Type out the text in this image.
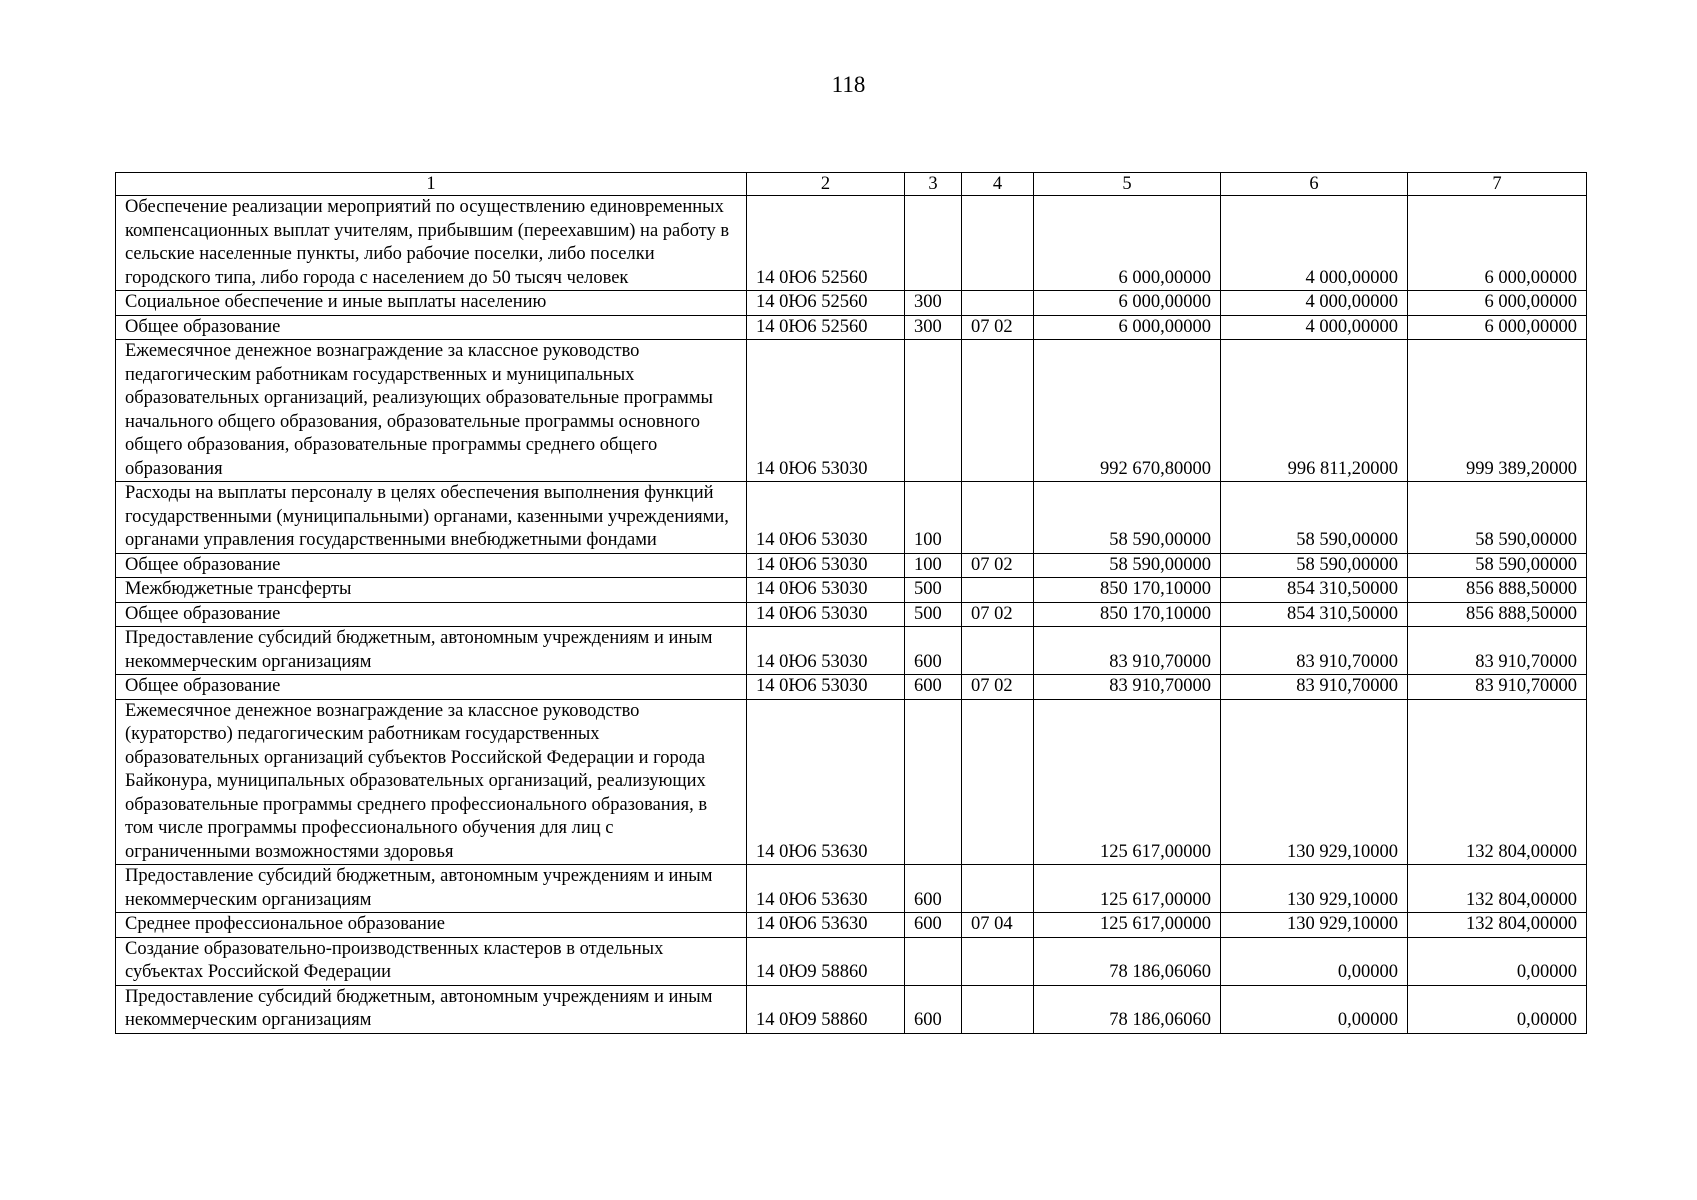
118
1	2	3	4	5	6	7
Обеспечение реализации мероприятий по осуществлению единовременных компенсационных выплат учителям, прибывшим (переехавшим) на работу в сельские населенные пункты, либо рабочие поселки, либо поселки городского типа, либо города с населением до 50 тысяч человек	14 0Ю6 52560			6 000,00000	4 000,00000	6 000,00000
Социальное обеспечение и иные выплаты населению	14 0Ю6 52560	300		6 000,00000	4 000,00000	6 000,00000
Общее образование	14 0Ю6 52560	300	07 02	6 000,00000	4 000,00000	6 000,00000
Ежемесячное денежное вознаграждение за классное руководство педагогическим работникам государственных и муниципальных образовательных организаций, реализующих образовательные программы начального общего образования, образовательные программы основного общего образования, образовательные программы среднего общего образования	14 0Ю6 53030			992 670,80000	996 811,20000	999 389,20000
Расходы на выплаты персоналу в целях обеспечения выполнения функций государственными (муниципальными) органами, казенными учреждениями, органами управления государственными внебюджетными фондами	14 0Ю6 53030	100		58 590,00000	58 590,00000	58 590,00000
Общее образование	14 0Ю6 53030	100	07 02	58 590,00000	58 590,00000	58 590,00000
Межбюджетные трансферты	14 0Ю6 53030	500		850 170,10000	854 310,50000	856 888,50000
Общее образование	14 0Ю6 53030	500	07 02	850 170,10000	854 310,50000	856 888,50000
Предоставление субсидий бюджетным, автономным учреждениям и иным некоммерческим организациям	14 0Ю6 53030	600		83 910,70000	83 910,70000	83 910,70000
Общее образование	14 0Ю6 53030	600	07 02	83 910,70000	83 910,70000	83 910,70000
Ежемесячное денежное вознаграждение за классное руководство (кураторство) педагогическим работникам государственных образовательных организаций субъектов Российской Федерации и города Байконура, муниципальных образовательных организаций, реализующих образовательные программы среднего профессионального образования, в том числе программы профессионального обучения для лиц с ограниченными возможностями здоровья	14 0Ю6 53630			125 617,00000	130 929,10000	132 804,00000
Предоставление субсидий бюджетным, автономным учреждениям и иным некоммерческим организациям	14 0Ю6 53630	600		125 617,00000	130 929,10000	132 804,00000
Среднее профессиональное образование	14 0Ю6 53630	600	07 04	125 617,00000	130 929,10000	132 804,00000
Создание образовательно-производственных кластеров в отдельных субъектах Российской Федерации	14 0Ю9 58860			78 186,06060	0,00000	0,00000
Предоставление субсидий бюджетным, автономным учреждениям и иным некоммерческим организациям	14 0Ю9 58860	600		78 186,06060	0,00000	0,00000
